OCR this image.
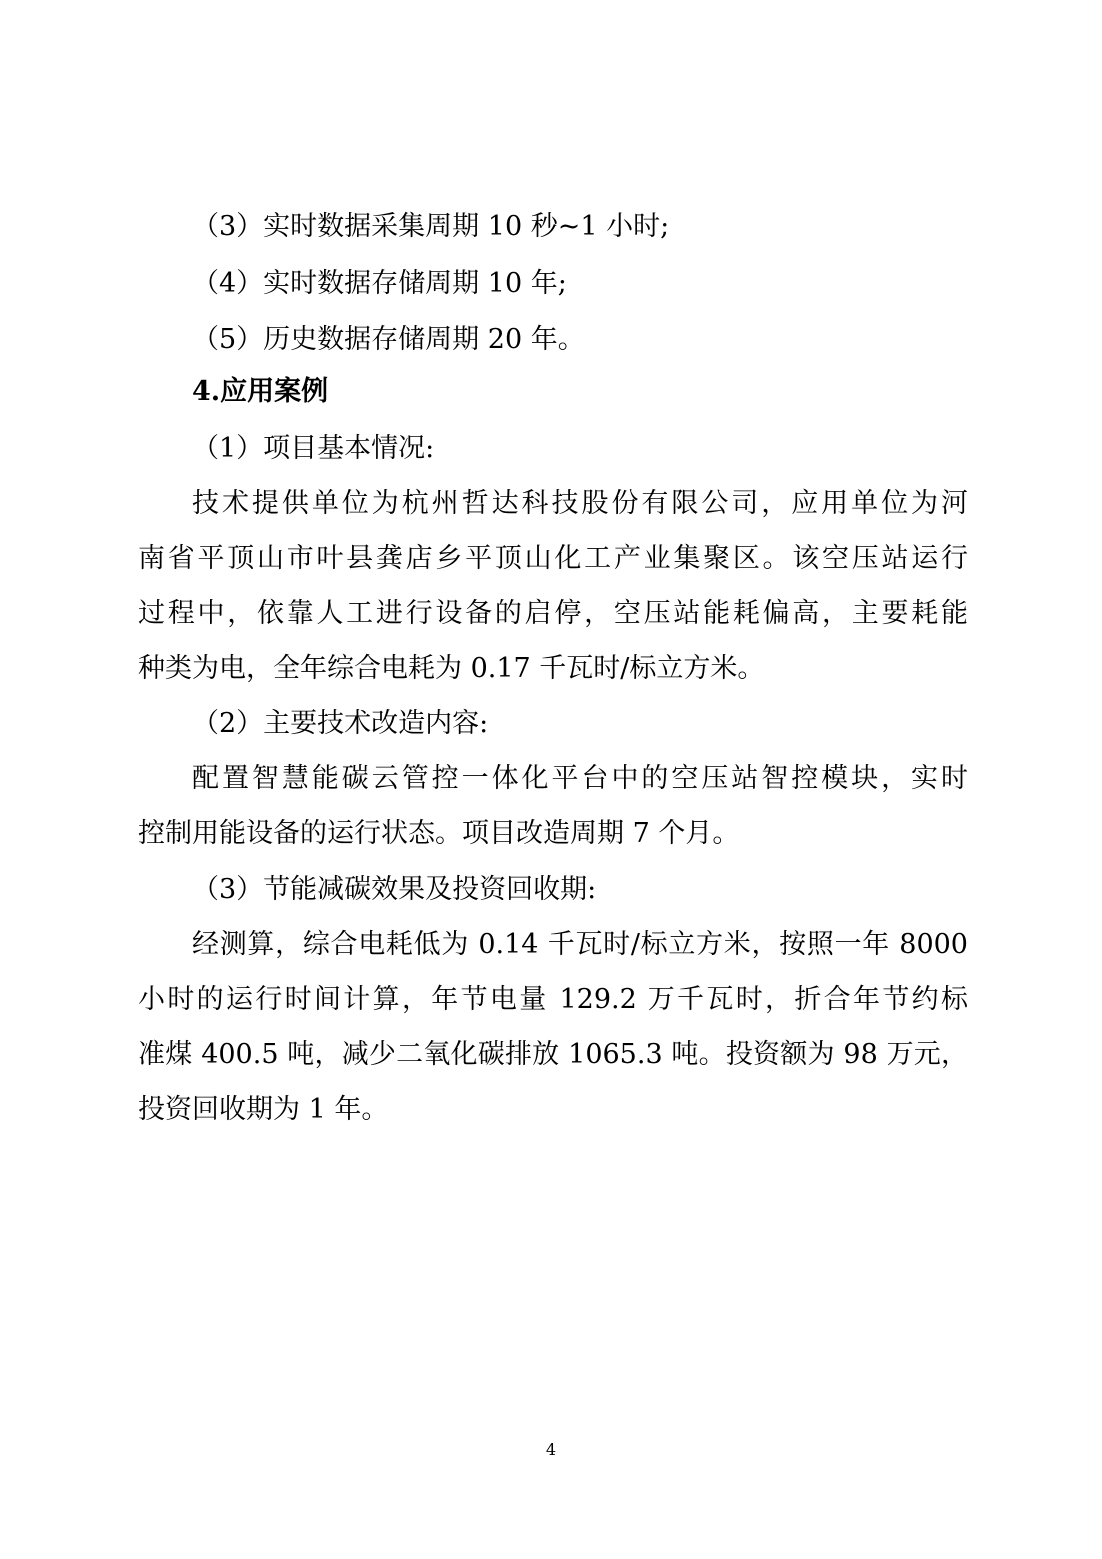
（3）实时数据采集周期 10 秒~1 小时;
（4）实时数据存储周期 10 年;
（5）历史数据存储周期 20 年。
4.应用案例
（1）项目基本情况:
技术提供单位为杭州哲达科技股份有限公司，应用单位为河
南省平顶山市叶县龚店乡平顶山化工产业集聚区。该空压站运行
过程中，依靠人工进行设备的启停，空压站能耗偏高，主要耗能
种类为电，全年综合电耗为 0.17 千瓦时/标立方米。
（2）主要技术改造内容:
配置智慧能碳云管控一体化平台中的空压站智控模块，实时
控制用能设备的运行状态。项目改造周期 7 个月。
（3）节能减碳效果及投资回收期:
经测算，综合电耗低为 0.14 千瓦时/标立方米，按照一年 8000
小时的运行时间计算，年节电量 129.2 万千瓦时，折合年节约标
准煤 400.5 吨，减少二氧化碳排放 1065.3 吨。投资额为 98 万元，
投资回收期为 1 年。
4
